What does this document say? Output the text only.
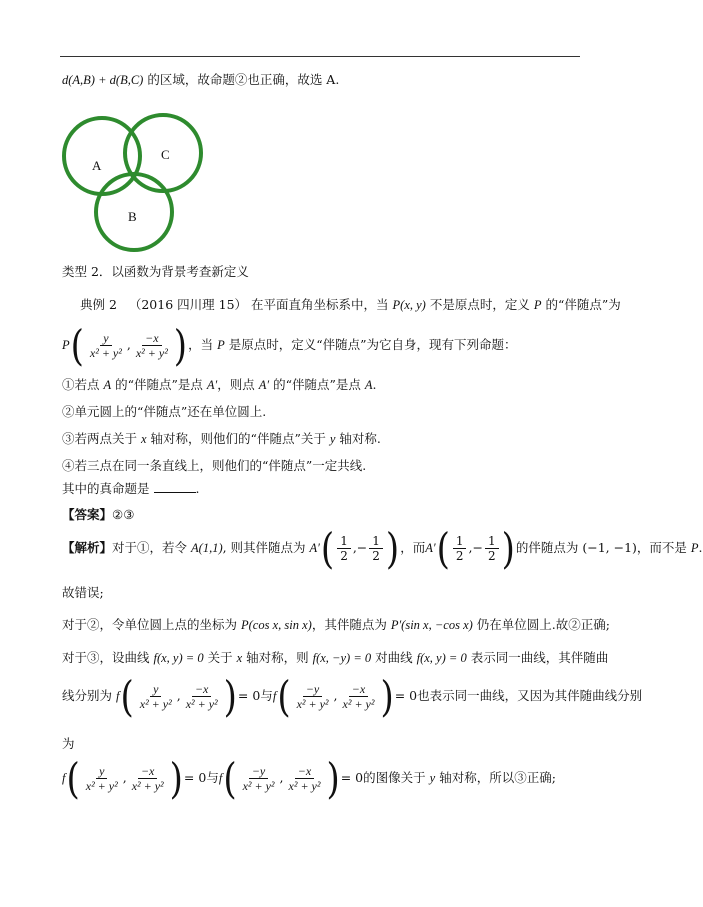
d(A,B) + d(B,C) 的区域，故命题②也正确，故选 A.
A
C
B
类型 2．以函数为背景考查新定义
典例 2 （2016 四川理 15） 在平面直角坐标系中，当 P(x, y) 不是原点时，定义 P 的“伴随点”为
$P( \frac{y}{\text{x² + y²}}$ , $\frac{-x}{\text{x² + y²}}$ )，当 P 是原点时，定义“伴随点”为它自身，现有下列命题：
①若点 A 的“伴随点”是点 A′，则点 A′ 的“伴随点”是点 A.
②单元圆上的“伴随点”还在单位圆上.
③若两点关于 x 轴对称，则他们的“伴随点”关于 y 轴对称.
④若三点在同一条直线上，则他们的“伴随点”一定共线.
其中的真命题是	.
【答案】②③
【解析】对于①，若令 A(1,1), 则其伴随点为 $A'( \frac{1}{2}$ ,− $\frac{1}{2}$ )，而$A'( \frac{1}{2}$ ,− $\frac{1}{2}$ )的伴随点为 (−1, −1)，而不是 P.
故错误;
对于②，令单位圆上点的坐标为 P(cos x, sin x)，其伴随点为 P′(sin x, −cos x) 仍在单位圆上.故②正确;
对于③，设曲线 f(x, y) = 0 关于 x 轴对称，则 f(x, −y) = 0 对曲线 f(x, y) = 0 表示同一曲线，其伴随曲
线分别为 $f( \frac{y}{\text{x² + y²}}$ , $\frac{-x}{\text{x² + y²}}$ )= 0与$f( \frac{-y}{\text{x² + y²}}$ , $\frac{-x}{\text{x² + y²}}$ )= 0也表示同一曲线，又因为其伴随曲线分别
为
$f( \frac{y}{\text{x² + y²}}$ , $\frac{-x}{\text{x² + y²}}$ )= 0与$f( \frac{-y}{\text{x² + y²}}$ , $\frac{-x}{\text{x² + y²}}$ )= 0的图像关于 y 轴对称，所以③正确;
